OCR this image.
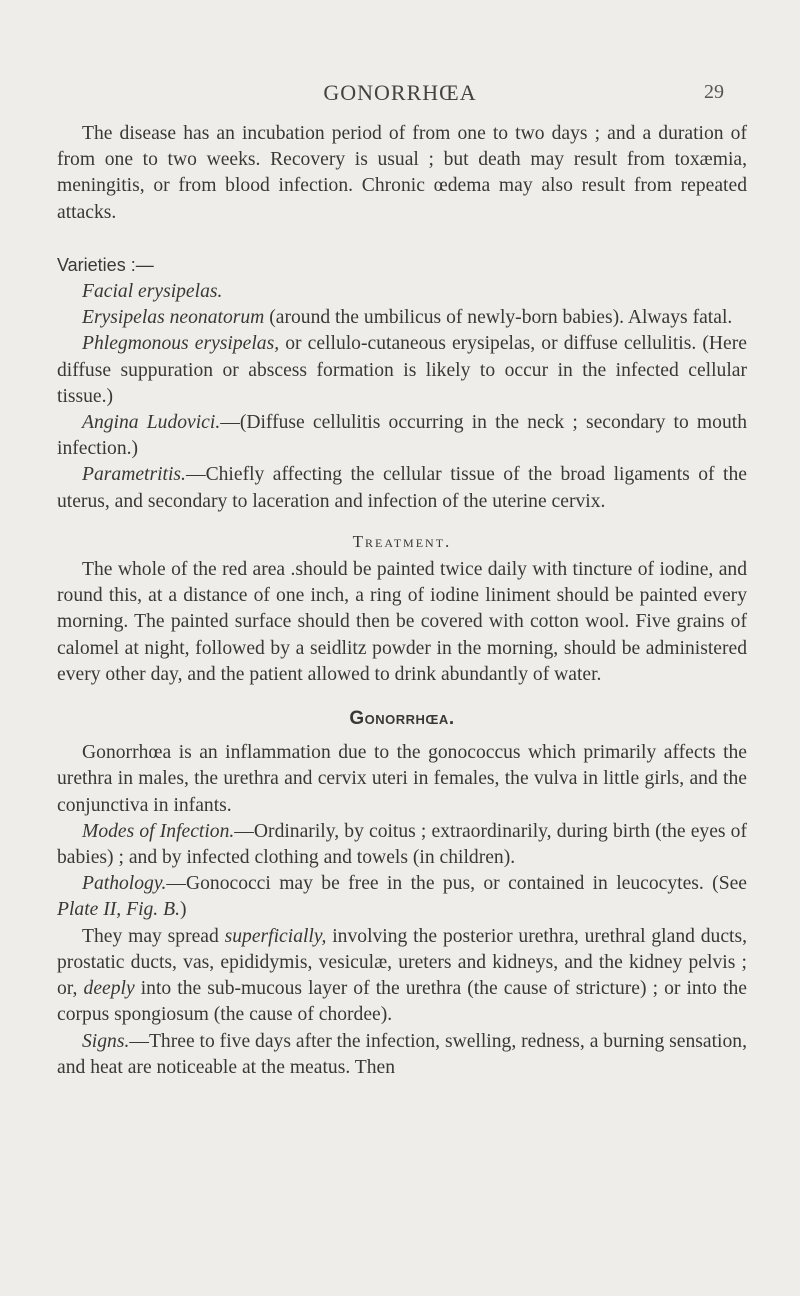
GONORRHŒA	29

The disease has an incubation period of from one to two days ; and a duration of from one to two weeks. Recovery is usual ; but death may result from toxæmia, meningitis, or from blood infection. Chronic œdema may also result from repeated attacks.

Varieties :—

Facial erysipelas.

Erysipelas neonatorum (around the umbilicus of newly-born babies). Always fatal.

Phlegmonous erysipelas, or cellulo-cutaneous erysipelas, or diffuse cellulitis. (Here diffuse suppuration or abscess formation is likely to occur in the infected cellular tissue.)

Angina Ludovici.—(Diffuse cellulitis occurring in the neck ; secondary to mouth infection.)

Parametritis.—Chiefly affecting the cellular tissue of the broad ligaments of the uterus, and secondary to laceration and infection of the uterine cervix.

Treatment.

The whole of the red area .should be painted twice daily with tincture of iodine, and round this, at a distance of one inch, a ring of iodine liniment should be painted every morning. The painted surface should then be covered with cotton wool. Five grains of calomel at night, followed by a seidlitz powder in the morning, should be administered every other day, and the patient allowed to drink abundantly of water.

Gonorrhœa.

Gonorrhœa is an inflammation due to the gonococcus which primarily affects the urethra in males, the urethra and cervix uteri in females, the vulva in little girls, and the conjunctiva in infants.

Modes of Infection.—Ordinarily, by coitus ; extraordinarily, during birth (the eyes of babies) ; and by infected clothing and towels (in children).

Pathology.—Gonococci may be free in the pus, or contained in leucocytes. (See Plate II, Fig. B.)

They may spread superficially, involving the posterior urethra, urethral gland ducts, prostatic ducts, vas, epididymis, vesiculæ, ureters and kidneys, and the kidney pelvis ; or, deeply into the sub-mucous layer of the urethra (the cause of stricture) ; or into the corpus spongiosum (the cause of chordee).

Signs.—Three to five days after the infection, swelling, redness, a burning sensation, and heat are noticeable at the meatus. Then
